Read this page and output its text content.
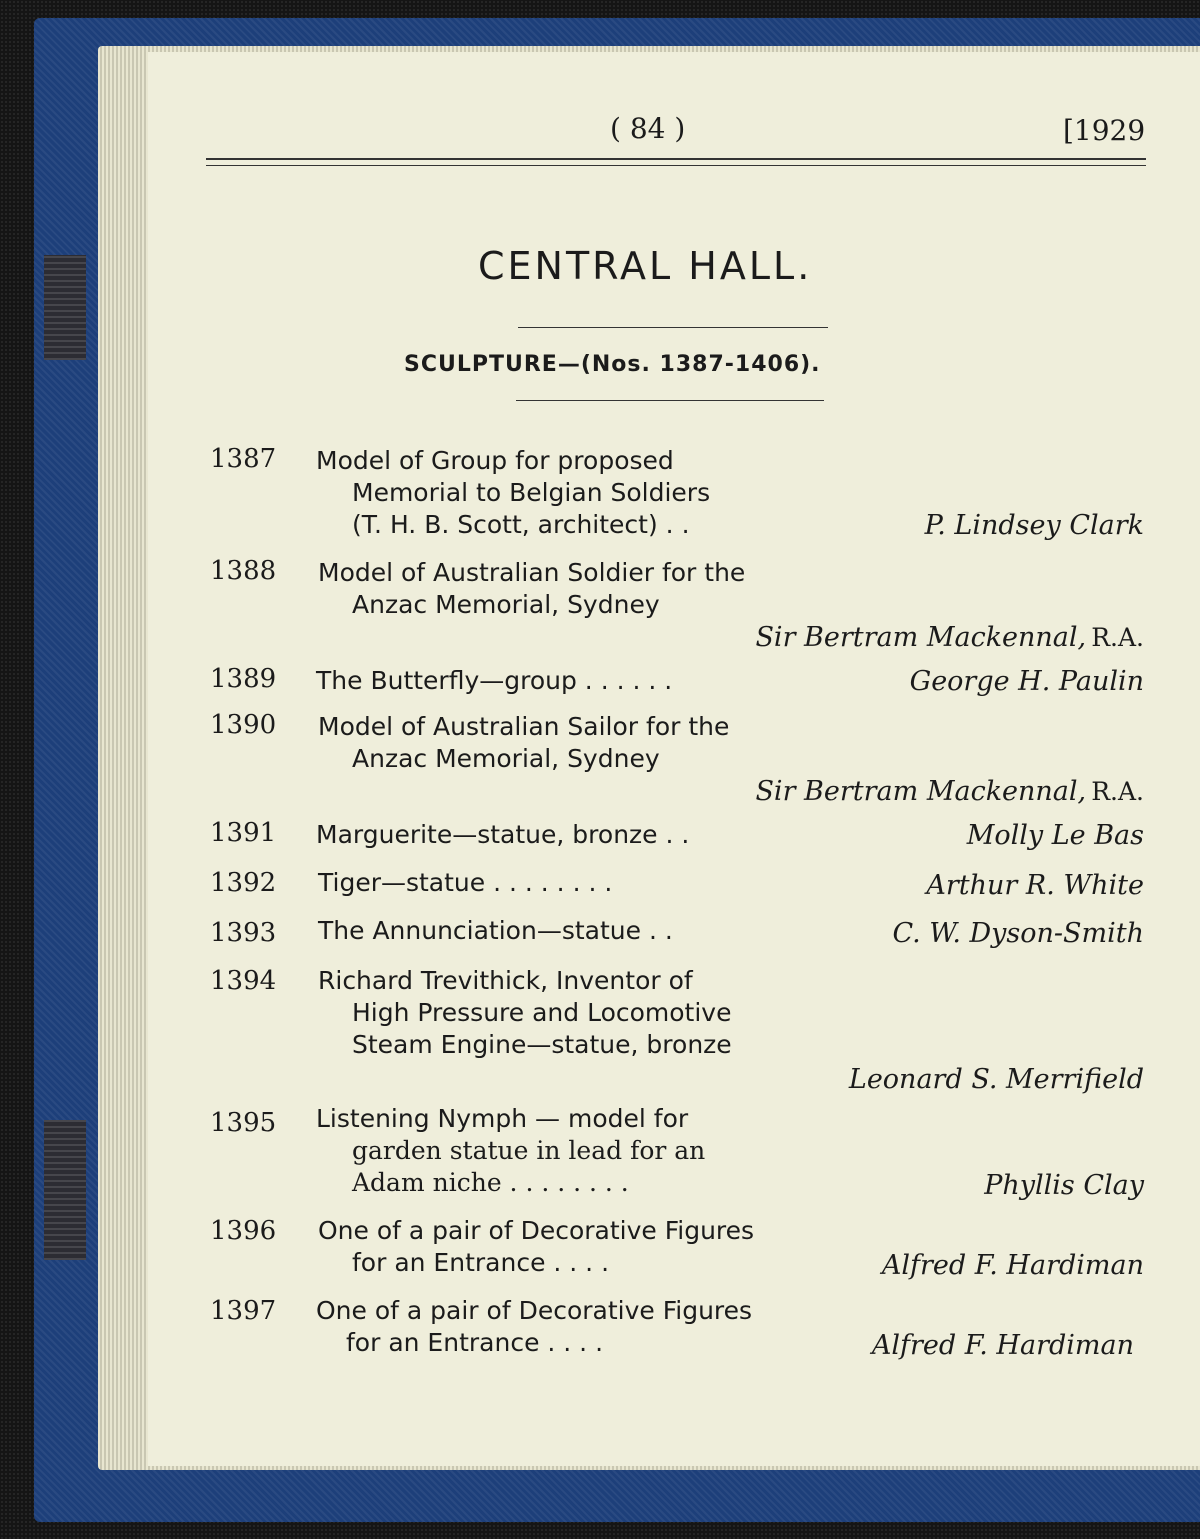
( 84 )	[1929
CENTRAL HALL.
SCULPTURE—(Nos. 1387-1406).
1387 Model of Group for proposed
Memorial to Belgian Soldiers
(T. H. B. Scott, architect) . .	P. Lindsey Clark
1388 Model of Australian Soldier for the
Anzac Memorial, Sydney
Sir Bertram Mackennal, R.A.
1389 The Butterfly—group . . . . . .	George H. Paulin
1390 Model of Australian Sailor for the
Anzac Memorial, Sydney
Sir Bertram Mackennal, R.A.
1391 Marguerite—statue, bronze . .	Molly Le Bas
1392 Tiger—statue . . . . . . . .	Arthur R. White
1393 The Annunciation—statue . .	C. W. Dyson-Smith
1394 Richard Trevithick, Inventor of
High Pressure and Locomotive
Steam Engine—statue, bronze
Leonard S. Merrifield
1395 Listening Nymph — model for
garden statue in lead for an
Adam niche . . . . . . . .	Phyllis Clay
1396 One of a pair of Decorative Figures
for an Entrance . . . .	Alfred F. Hardiman
1397 One of a pair of Decorative Figures
for an Entrance . . . .	Alfred F. Hardiman
